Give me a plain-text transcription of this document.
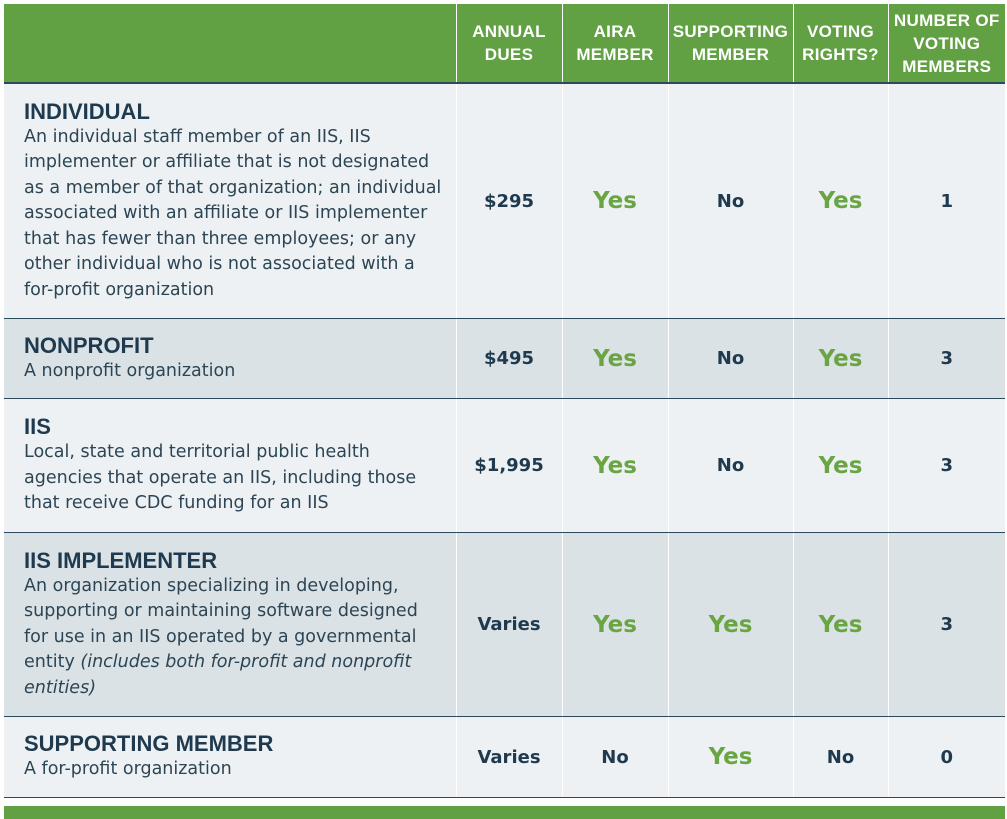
	ANNUAL DUES	AIRA MEMBER	SUPPORTING MEMBER	VOTING RIGHTS?	NUMBER OF VOTING MEMBERS

INDIVIDUAL
An individual staff member of an IIS, IIS implementer or affiliate that is not designated as a member of that organization; an individual associated with an affiliate or IIS implementer that has fewer than three employees; or any other individual who is not associated with a for-profit organization	$295	Yes	No	Yes	1

NONPROFIT
A nonprofit organization	$495	Yes	No	Yes	3

IIS
Local, state and territorial public health agencies that operate an IIS, including those that receive CDC funding for an IIS	$1,995	Yes	No	Yes	3

IIS IMPLEMENTER
An organization specializing in developing, supporting or maintaining software designed for use in an IIS operated by a governmental entity (includes both for-profit and nonprofit entities)	Varies	Yes	Yes	Yes	3

SUPPORTING MEMBER
A for-profit organization	Varies	No	Yes	No	0
